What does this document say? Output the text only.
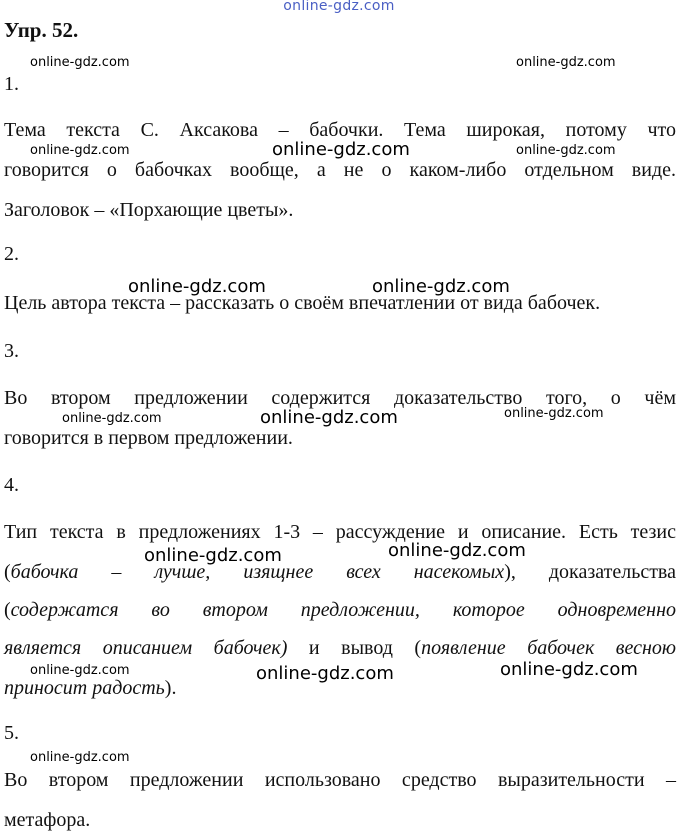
online-gdz.com
Упр. 52.
1.
Тема текста С. Аксакова – бабочки. Тема широкая, потому что
говорится о бабочках вообще, а не о каком-либо отдельном виде.
Заголовок – «Порхающие цветы».
2.
Цель автора текста – рассказать о своём впечатлении от вида бабочек.
3.
Во втором предложении содержится доказательство того, о чём
говорится в первом предложении.
4.
Тип текста в предложениях 1-3 – рассуждение и описание. Есть тезис
(бабочка – лучше, изящнее всех насекомых), доказательства
(содержатся во втором предложении, которое одновременно
является описанием бабочек) и вывод (появление бабочек весною
приносит радость).
5.
Во втором предложении использовано средство выразительности –
метафора.
online-gdz.com	online-gdz.com
online-gdz.com	online-gdz.com	online-gdz.com
online-gdz.com	online-gdz.com
online-gdz.com	online-gdz.com	online-gdz.com
online-gdz.com	online-gdz.com
online-gdz.com	online-gdz.com	online-gdz.com
online-gdz.com
